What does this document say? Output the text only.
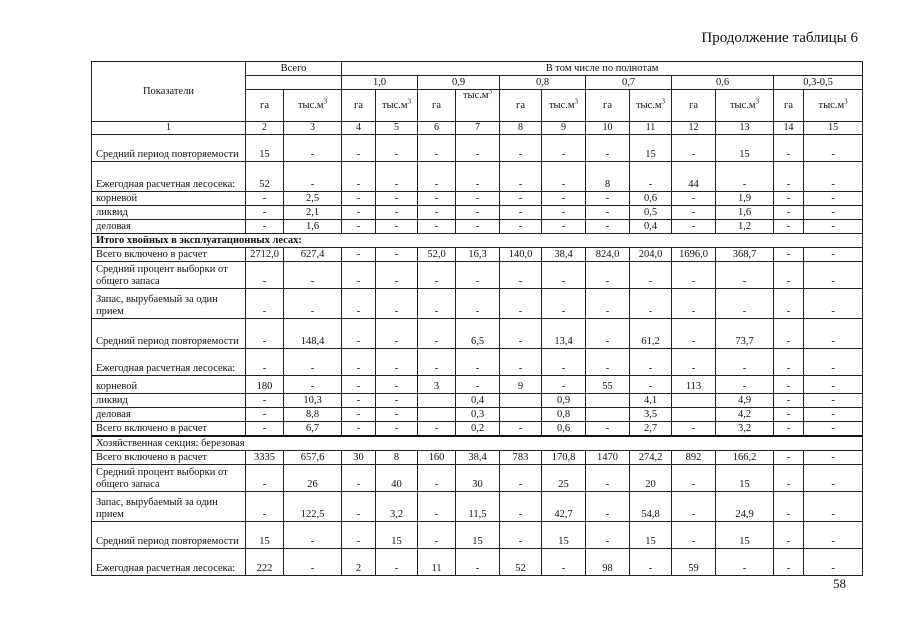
Продолжение таблицы 6
Показатели	Всего		В том числе по полнотам											
			1,0		0,9		0,8		0,7		0,6		0,3-0,5	
	га	$тыс.м^3$	га	$тыс.м^3$	га	$тыс.м^3$	га	$тыс.м^3$	га	$тыс.м^3$	га	$тыс.м^3$	га	$тыс.м^3$
1	2	3	4	5	6	7	8	9	10	11	12	13	14	15
Средний период повторяемости	15	-	-	-	-	-	-	-	-	15	-	15	-	-
Ежегодная расчетная лесосека:	52	-	-	-	-	-	-	-	8	-	44	-	-	-
корневой	-	2,5	-	-	-	-	-	-	-	0,6	-	1,9	-	-
ликвид	-	2,1	-	-	-	-	-	-	-	0,5	-	1,6	-	-
деловая	-	1,6	-	-	-	-	-	-	-	0,4	-	1,2	-	-
Итого хвойных в эксплуатационных лесах:														
Всего включено в расчет	2712,0	627,4	-	-	52,0	16,3	140,0	38,4	824,0	204,0	1696,0	368,7	-	-
Средний процент выборки от общего запаса	-	-	-	-	-	-	-	-	-	-	-	-	-	-
Запас, вырубаемый за один прием	-	-	-	-	-	-	-	-	-	-	-	-	-	-
Средний период повторяемости	-	148,4	-	-	-	6,5	-	13,4	-	61,2	-	73,7	-	-
Ежегодная расчетная лесосека:	-	-	-	-	-	-	-	-	-	-	-	-	-	-
корневой	180	-	-	-	3	-	9	-	55	-	113	-	-	-
ликвид	-	10,3	-	-		0,4		0,9		4,1		4,9	-	-
деловая	-	8,8	-	-		0,3		0,8		3,5		4,2	-	-
Всего включено в расчет	-	6,7	-	-	-	0,2	-	0,6	-	2,7	-	3,2	-	-
Хозяйственная секция: березовая														
Всего включено в расчет	3335	657,6	30	8	160	38,4	783	170,8	1470	274,2	892	166,2	-	-
Средний процент выборки от общего запаса	-	26	-	40	-	30	-	25	-	20	-	15	-	-
Запас, вырубаемый за один прием	-	122,5	-	3,2	-	11,5	-	42,7	-	54,8	-	24,9	-	-
Средний период повторяемости	15	-	-	15	-	15	-	15	-	15	-	15	-	-
Ежегодная расчетная лесосека:	222	-	2	-	11	-	52	-	98	-	59	-	-	-
58
